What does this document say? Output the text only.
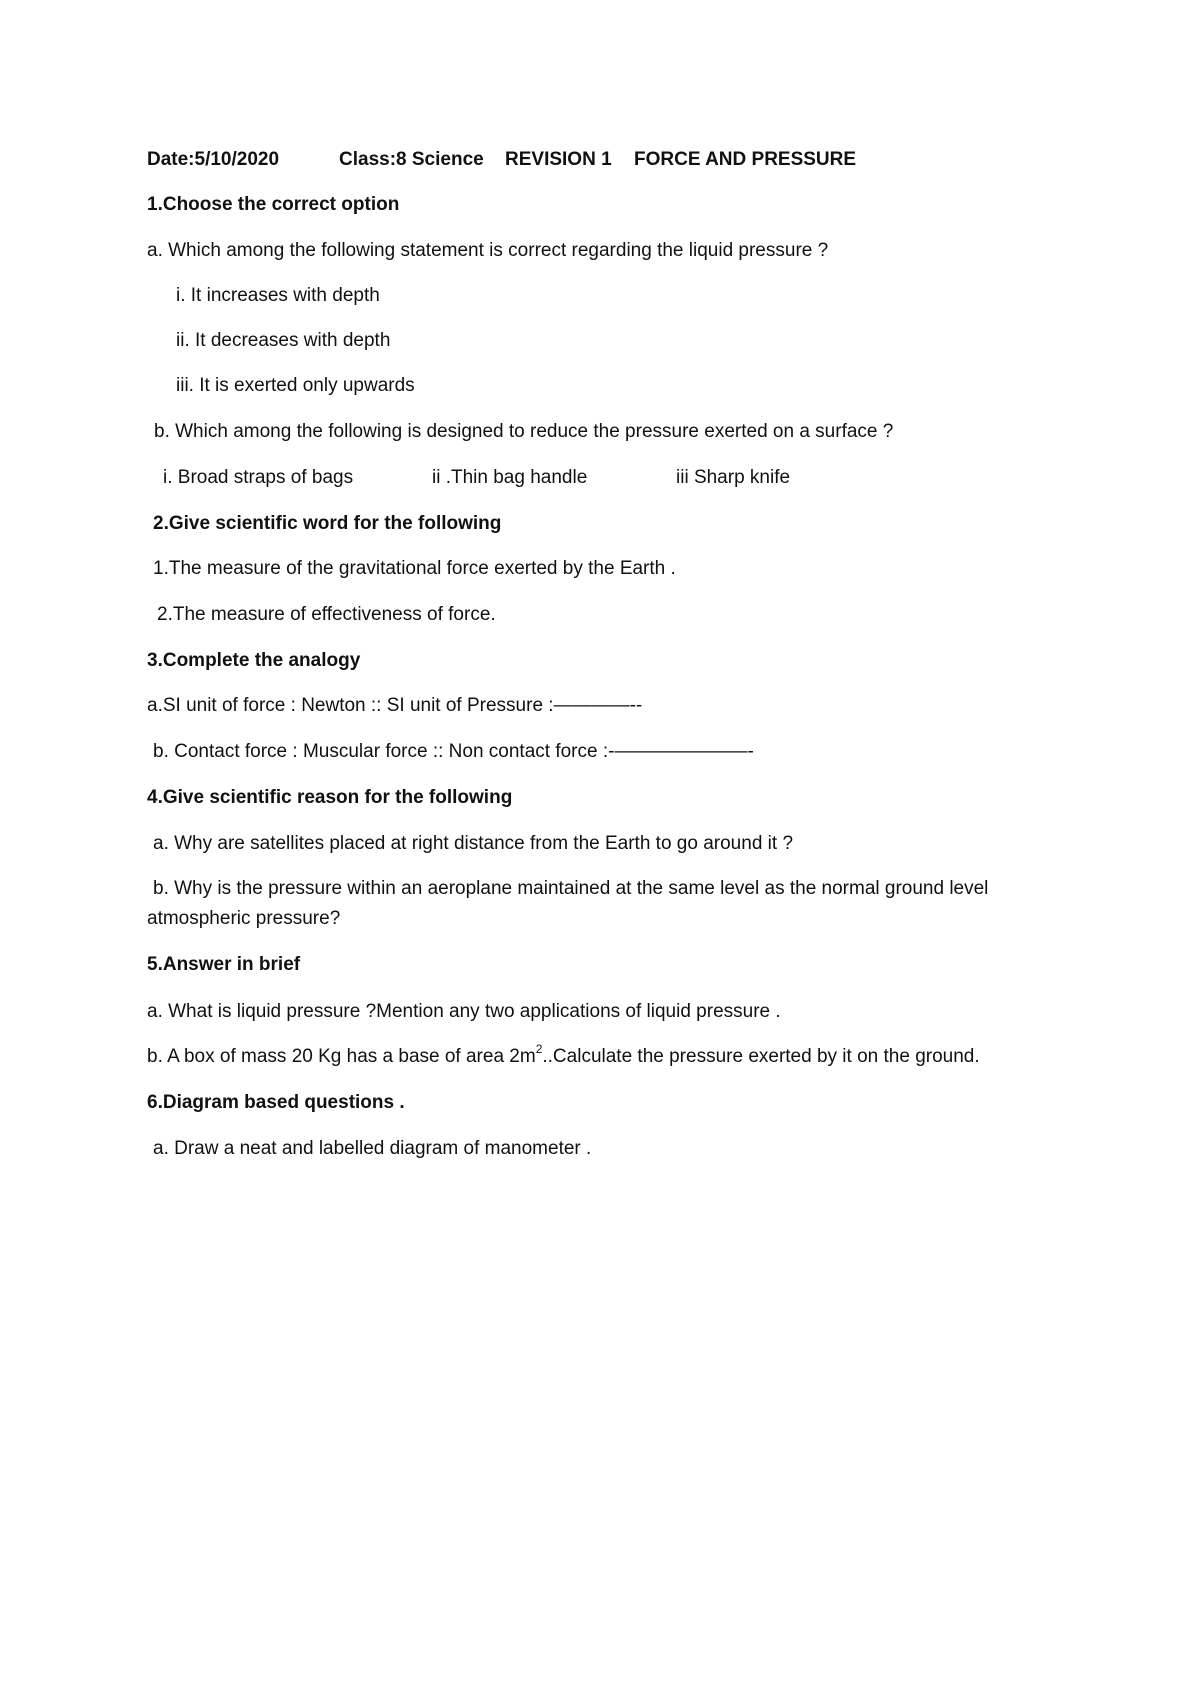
Date:5/10/2020	Class:8 Science REVISION 1 FORCE AND PRESSURE
1.Choose the correct option
a. Which among the following statement is correct regarding the liquid pressure ?
i. It increases with depth
ii. It decreases with depth
iii. It is exerted only upwards
b. Which among the following is designed to reduce the pressure exerted on a surface ?
i. Broad straps of bags	ii .Thin bag handle	iii Sharp knife
2.Give scientific word for the following
1.The measure of the gravitational force exerted by the Earth .
2.The measure of effectiveness of force.
3.Complete the analogy
a.SI unit of force : Newton :: SI unit of Pressure :————--
b. Contact force : Muscular force :: Non contact force :-———————-
4.Give scientific reason for the following
a. Why are satellites placed at right distance from the Earth to go around it ?
b. Why is the pressure within an aeroplane maintained at the same level as the normal ground level
atmospheric pressure?
5.Answer in brief
a. What is liquid pressure ?Mention any two applications of liquid pressure .
b. A box of mass 20 Kg has a base of area $2m^2..Calculate$ the pressure exerted by it on the ground.
6.Diagram based questions .
a. Draw a neat and labelled diagram of manometer .
